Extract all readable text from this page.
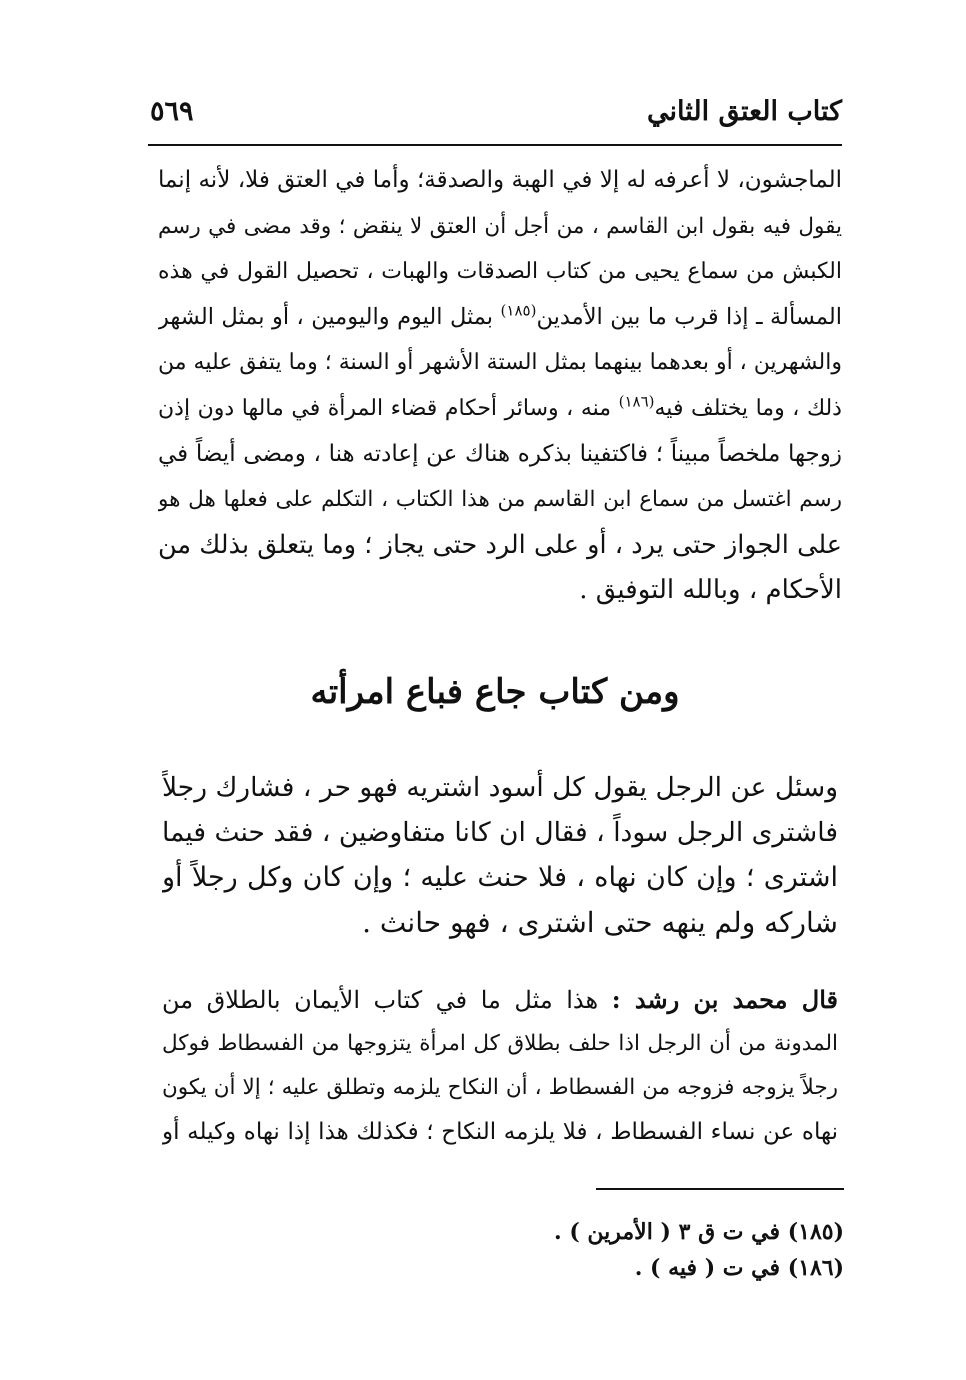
كتاب العتق الثاني
٥٦٩
الماجشون، لا أعرفه له إلا في الهبة والصدقة؛ وأما في العتق فلا، لأنه إنما
يقول فيه بقول ابن القاسم ، من أجل أن العتق لا ينقض ؛ وقد مضى في رسم
الكبش من سماع يحيى من كتاب الصدقات والهبات ، تحصيل القول في هذه
المسألة ـ إذا قرب ما بين الأمدين$^{(١٨٥)}$ بمثل اليوم واليومين ، أو بمثل الشهر
والشهرين ، أو بعدهما بينهما بمثل الستة الأشهر أو السنة ؛ وما يتفق عليه من
ذلك ، وما يختلف فيه$^{(١٨٦)}$ منه ، وسائر أحكام قضاء المرأة في مالها دون إذن
زوجها ملخصاً مبيناً ؛ فاكتفينا بذكره هناك عن إعادته هنا ، ومضى أيضاً في
رسم اغتسل من سماع ابن القاسم من هذا الكتاب ، التكلم على فعلها هل هو
على الجواز حتى يرد ، أو على الرد حتى يجاز ؛ وما يتعلق بذلك من
الأحكام ، وبالله التوفيق .
ومن كتاب جاع فباع امرأته
وسئل عن الرجل يقول كل أسود اشتريه فهو حر ، فشارك رجلاً
فاشترى الرجل سوداً ، فقال ان كانا متفاوضين ، فقد حنث فيما
اشترى ؛ وإن كان نهاه ، فلا حنث عليه ؛ وإن كان وكل رجلاً أو
شاركه ولم ينهه حتى اشترى ، فهو حانث .
قال محمد بن رشد : هذا مثل ما في كتاب الأيمان بالطلاق من
المدونة من أن الرجل اذا حلف بطلاق كل امرأة يتزوجها من الفسطاط فوكل
رجلاً يزوجه فزوجه من الفسطاط ، أن النكاح يلزمه وتطلق عليه ؛ إلا أن يكون
نهاه عن نساء الفسطاط ، فلا يلزمه النكاح ؛ فكذلك هذا إذا نهاه وكيله أو
(١٨٥) في ت ق ٣ ( الأمرين ) .
(١٨٦) في ت ( فيه ) .
